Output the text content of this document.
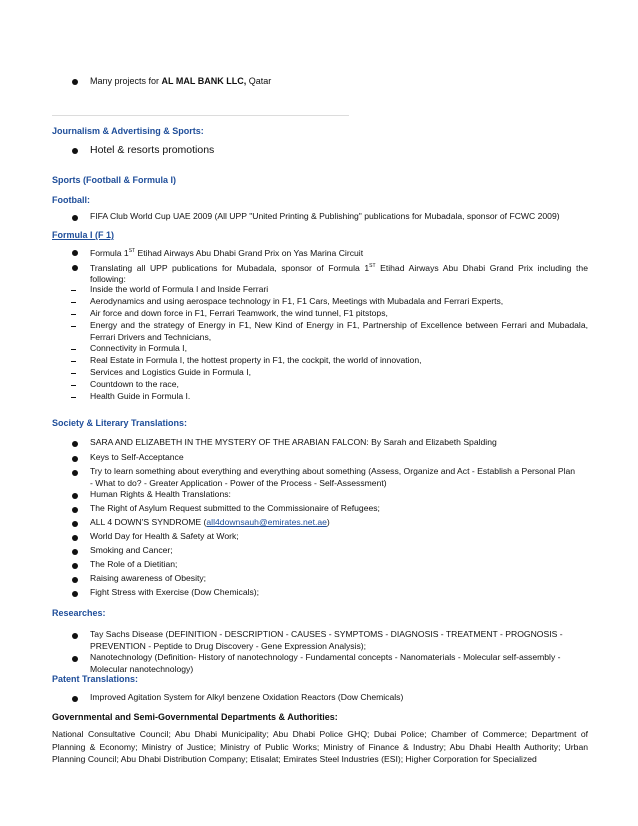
Many projects for AL MAL BANK LLC, Qatar
Journalism & Advertising & Sports:
Hotel & resorts promotions
Sports (Football & Formula I)
Football:
FIFA Club World Cup UAE 2009 (All UPP "United Printing & Publishing" publications for Mubadala, sponsor of FCWC 2009)
Formula I (F 1)
Formula 1ST Etihad Airways Abu Dhabi Grand Prix on Yas Marina Circuit
Translating all UPP publications for Mubadala, sponsor of Formula 1ST Etihad Airways Abu Dhabi Grand Prix including the following:
Inside the world of Formula I and Inside Ferrari
Aerodynamics and using aerospace technology in F1, F1 Cars, Meetings with Mubadala and Ferrari Experts,
Air force and down force in F1, Ferrari Teamwork, the wind tunnel, F1 pitstops,
Energy and the strategy of Energy in F1, New Kind of Energy in F1, Partnership of Excellence between Ferrari and Mubadala, Ferrari Drivers and Technicians,
Connectivity in Formula I,
Real Estate in Formula I, the hottest property in F1, the cockpit, the world of innovation,
Services and Logistics Guide in Formula I,
Countdown to the race,
Health Guide in Formula I.
Society & Literary Translations:
SARA AND ELIZABETH IN THE MYSTERY OF THE ARABIAN FALCON: By Sarah and Elizabeth Spalding
Keys to Self-Acceptance
Try to learn something about everything and everything about something (Assess, Organize and Act - Establish a Personal Plan - What to do? - Greater Application - Power of the Process - Self-Assessment)
Human Rights & Health Translations:
The Right of Asylum Request submitted to the Commissionaire of Refugees;
ALL 4 DOWN'S SYNDROME (all4downsauh@emirates.net.ae)
World Day for Health & Safety at Work;
Smoking and Cancer;
The Role of a Dietitian;
Raising awareness of Obesity;
Fight Stress with Exercise (Dow Chemicals);
Researches:
Tay Sachs Disease (DEFINITION - DESCRIPTION - CAUSES - SYMPTOMS - DIAGNOSIS - TREATMENT - PROGNOSIS - PREVENTION - Peptide to Drug Discovery - Gene Expression Analysis);
Nanotechnology (Definition- History of nanotechnology - Fundamental concepts - Nanomaterials - Molecular self-assembly - Molecular nanotechnology)
Patent Translations:
Improved Agitation System for Alkyl benzene Oxidation Reactors (Dow Chemicals)
Governmental and Semi-Governmental Departments & Authorities:
National Consultative Council; Abu Dhabi Municipality; Abu Dhabi Police GHQ; Dubai Police; Chamber of Commerce; Department of Planning & Economy; Ministry of Justice; Ministry of Public Works; Ministry of Finance & Industry; Abu Dhabi Health Authority; Urban Planning Council; Abu Dhabi Distribution Company; Etisalat; Emirates Steel Industries (ESI); Higher Corporation for Specialized
